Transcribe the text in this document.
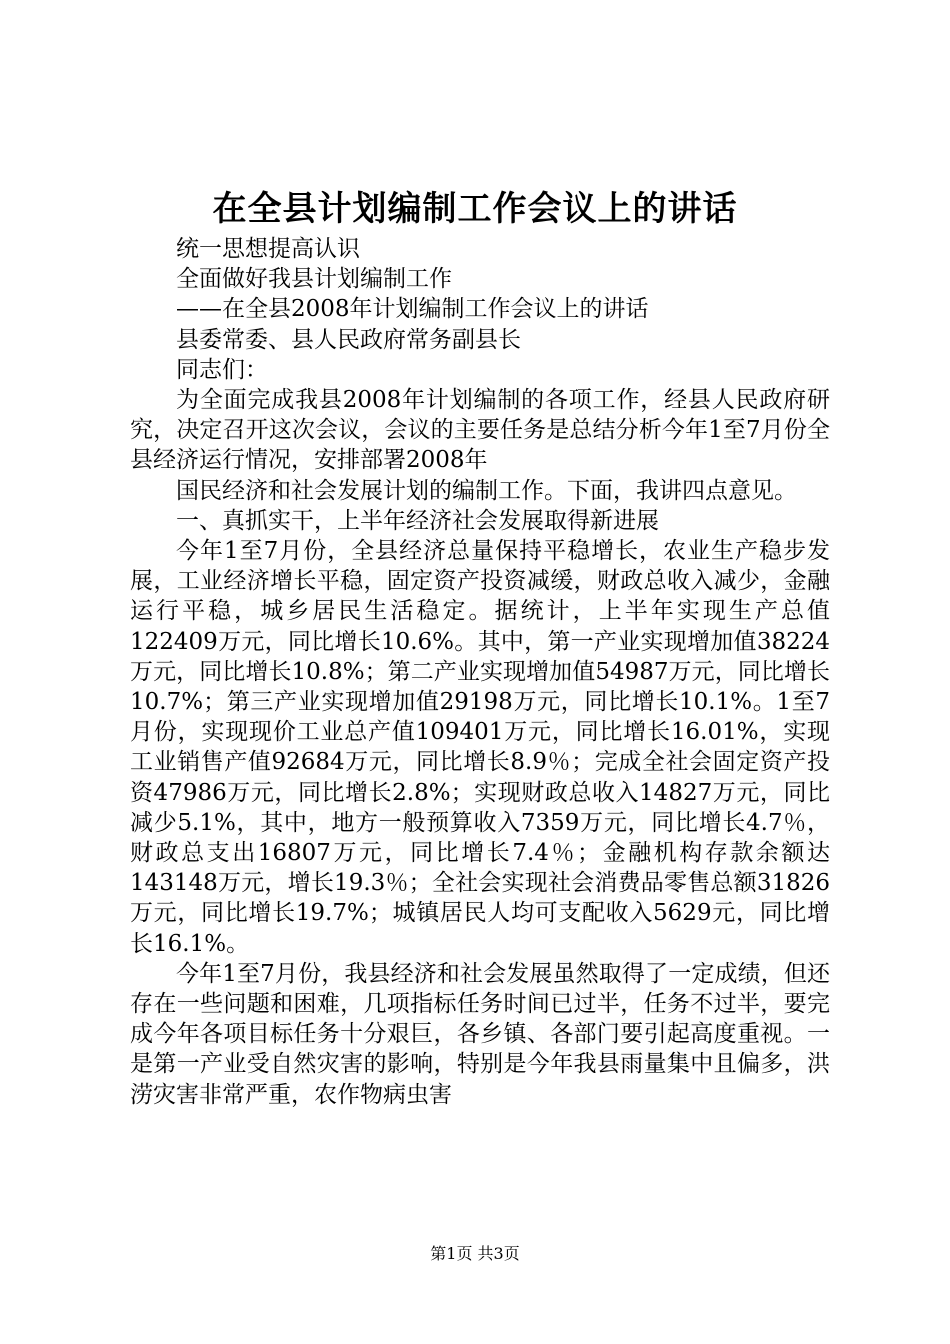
在全县计划编制工作会议上的讲话

统一思想提高认识

全面做好我县计划编制工作

——在全县2008年计划编制工作会议上的讲话

县委常委、县人民政府常务副县长

同志们：

为全面完成我县2008年计划编制的各项工作，经县人民政府研究，决定召开这次会议，会议的主要任务是总结分析今年1至7月份全县经济运行情况，安排部署2008年

国民经济和社会发展计划的编制工作。下面，我讲四点意见。

一、真抓实干，上半年经济社会发展取得新进展

今年1至7月份，全县经济总量保持平稳增长，农业生产稳步发展，工业经济增长平稳，固定资产投资减缓，财政总收入减少，金融运行平稳，城乡居民生活稳定。据统计，上半年实现生产总值122409万元，同比增长10.6%。其中，第一产业实现增加值38224万元，同比增长10.8%；第二产业实现增加值54987万元，同比增长10.7%；第三产业实现增加值29198万元，同比增长10.1%。1至7月份，实现现价工业总产值109401万元，同比增长16.01%，实现工业销售产值92684万元，同比增长8.9％；完成全社会固定资产投资47986万元，同比增长2.8%；实现财政总收入14827万元，同比减少5.1%，其中，地方一般预算收入7359万元，同比增长4.7％，财政总支出16807万元，同比增长7.4％；金融机构存款余额达143148万元，增长19.3％；全社会实现社会消费品零售总额31826万元，同比增长19.7%；城镇居民人均可支配收入5629元，同比增长16.1%。

今年1至7月份，我县经济和社会发展虽然取得了一定成绩，但还存在一些问题和困难，几项指标任务时间已过半，任务不过半，要完成今年各项目标任务十分艰巨，各乡镇、各部门要引起高度重视。一是第一产业受自然灾害的影响，特别是今年我县雨量集中且偏多，洪涝灾害非常严重，农作物病虫害

第1页 共3页
